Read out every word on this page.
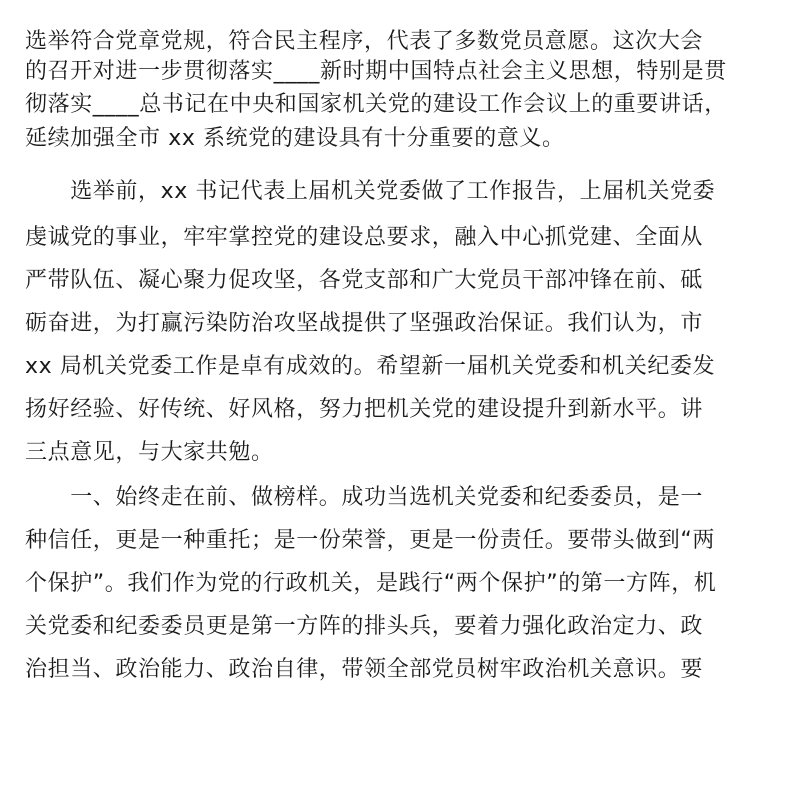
选举符合党章党规，符合民主程序，代表了多数党员意愿。这次大会
的召开对进一步贯彻落实____新时期中国特点社会主义思想，特别是贯
彻落实____总书记在中央和国家机关党的建设工作会议上的重要讲话，
延续加强全市 xx 系统党的建设具有十分重要的意义。
　　选举前，xx 书记代表上届机关党委做了工作报告，上届机关党委
虔诚党的事业，牢牢掌控党的建设总要求，融入中心抓党建、全面从
严带队伍、凝心聚力促攻坚，各党支部和广大党员干部冲锋在前、砥
砺奋进，为打赢污染防治攻坚战提供了坚强政治保证。我们认为，市
xx 局机关党委工作是卓有成效的。希望新一届机关党委和机关纪委发
扬好经验、好传统、好风格，努力把机关党的建设提升到新水平。讲
三点意见，与大家共勉。
　　一、始终走在前、做榜样。成功当选机关党委和纪委委员，是一
种信任，更是一种重托；是一份荣誉，更是一份责任。要带头做到“两
个保护”。我们作为党的行政机关，是践行“两个保护”的第一方阵，机
关党委和纪委委员更是第一方阵的排头兵，要着力强化政治定力、政
治担当、政治能力、政治自律，带领全部党员树牢政治机关意识。要
